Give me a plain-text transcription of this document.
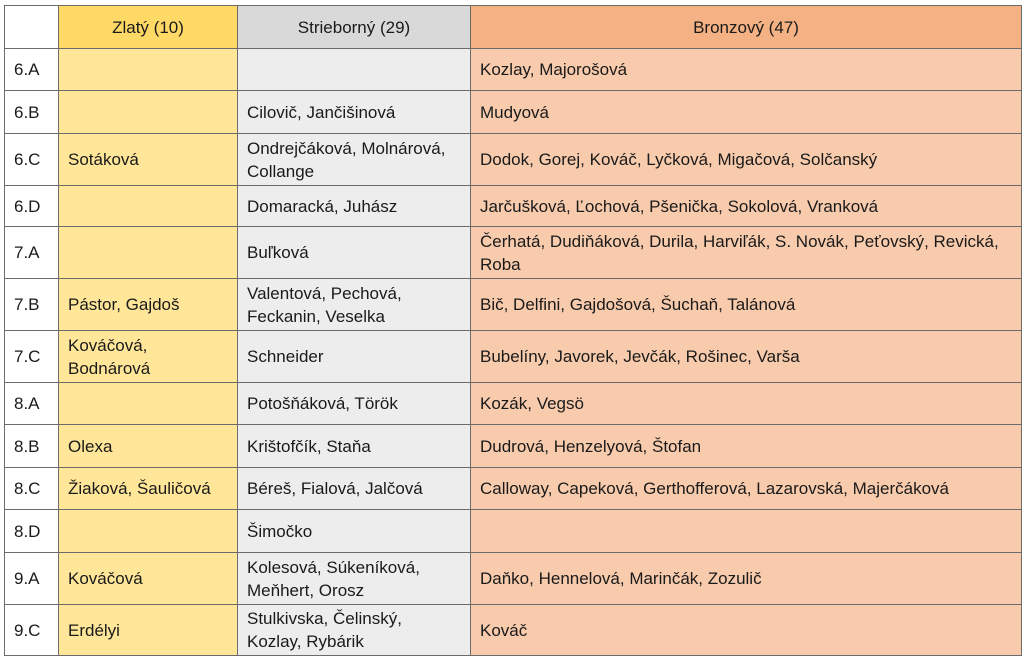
	Zlatý (10)	Strieborný (29)	Bronzový (47)
6.A			Kozlay, Majorošová
6.B		Cilovič, Jančišinová	Mudyová
6.C	Sotáková	Ondrejčáková, Molnárová, Collange	Dodok, Gorej, Kováč, Lyčková, Migačová, Solčanský
6.D		Domaracká, Juhász	Jarčušková, Ľochová, Pšenička, Sokolová, Vranková
7.A		Buľková	Čerhatá, Dudiňáková, Durila, Harviľák, S. Novák, Peťovský, Revická, Roba
7.B	Pástor, Gajdoš	Valentová, Pechová, Feckanin, Veselka	Bič, Delfini, Gajdošová, Šuchaň, Talánová
7.C	Kováčová, Bodnárová	Schneider	Bubelíny, Javorek, Jevčák, Rošinec, Varša
8.A		Potošňáková, Török	Kozák, Vegsö
8.B	Olexa	Krištofčík, Staňa	Dudrová, Henzelyová, Štofan
8.C	Žiaková, Šauličová	Béreš, Fialová, Jalčová	Calloway, Capeková, Gerthofferová, Lazarovská, Majerčáková
8.D		Šimočko	
9.A	Kováčová	Kolesová, Súkeníková, Meňhert, Orosz	Daňko, Hennelová, Marinčák, Zozulič
9.C	Erdélyi	Stulkivska, Čelinský, Kozlay, Rybárik	Kováč
